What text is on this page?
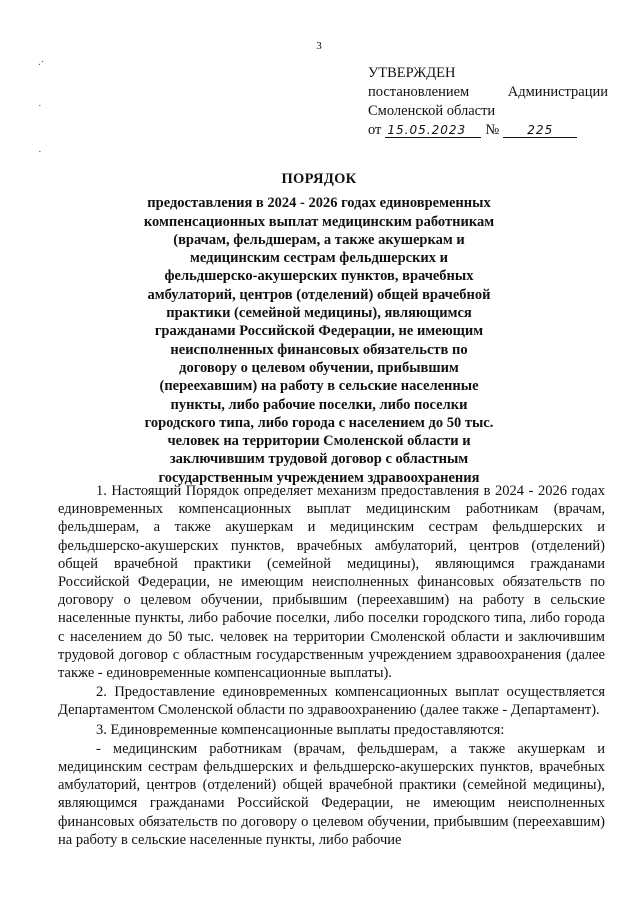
3
.·
·
·
УТВЕРЖДЕН
постановлением	Администрации
Смоленской области
от 15.05.2023	№	225
ПОРЯДОК
предоставления в 2024 - 2026 годах единовременных
компенсационных выплат медицинским работникам
(врачам, фельдшерам, а также акушеркам и
медицинским сестрам фельдшерских и
фельдшерско-акушерских пунктов, врачебных
амбулаторий, центров (отделений) общей врачебной
практики (семейной медицины), являющимся
гражданами Российской Федерации, не имеющим
неисполненных финансовых обязательств по
договору о целевом обучении, прибывшим
(переехавшим) на работу в сельские населенные
пункты, либо рабочие поселки, либо поселки
городского типа, либо города с населением до 50 тыс.
человек на территории Смоленской области и
заключившим трудовой договор с областным
государственным учреждением здравоохранения

1. Настоящий Порядок определяет механизм предоставления в 2024 - 2026 годах единовременных компенсационных выплат медицинским работникам (врачам, фельдшерам, а также акушеркам и медицинским сестрам фельдшерских и фельдшерско-акушерских пунктов, врачебных амбулаторий, центров (отделений) общей врачебной практики (семейной медицины), являющимся гражданами Российской Федерации, не имеющим неисполненных финансовых обязательств по договору о целевом обучении, прибывшим (переехавшим) на работу в сельские населенные пункты, либо рабочие поселки, либо поселки городского типа, либо города с населением до 50 тыс. человек на территории Смоленской области и заключившим трудовой договор с областным государственным учреждением здравоохранения (далее также - единовременные компенсационные выплаты).

2. Предоставление единовременных компенсационных выплат осуществляется Департаментом Смоленской области по здравоохранению (далее также - Департамент).

3. Единовременные компенсационные выплаты предоставляются:

- медицинским работникам (врачам, фельдшерам, а также акушеркам и медицинским сестрам фельдшерских и фельдшерско-акушерских пунктов, врачебных амбулаторий, центров (отделений) общей врачебной практики (семейной медицины), являющимся гражданами Российской Федерации, не имеющим неисполненных финансовых обязательств по договору о целевом обучении, прибывшим (переехавшим) на работу в сельские населенные пункты, либо рабочие
